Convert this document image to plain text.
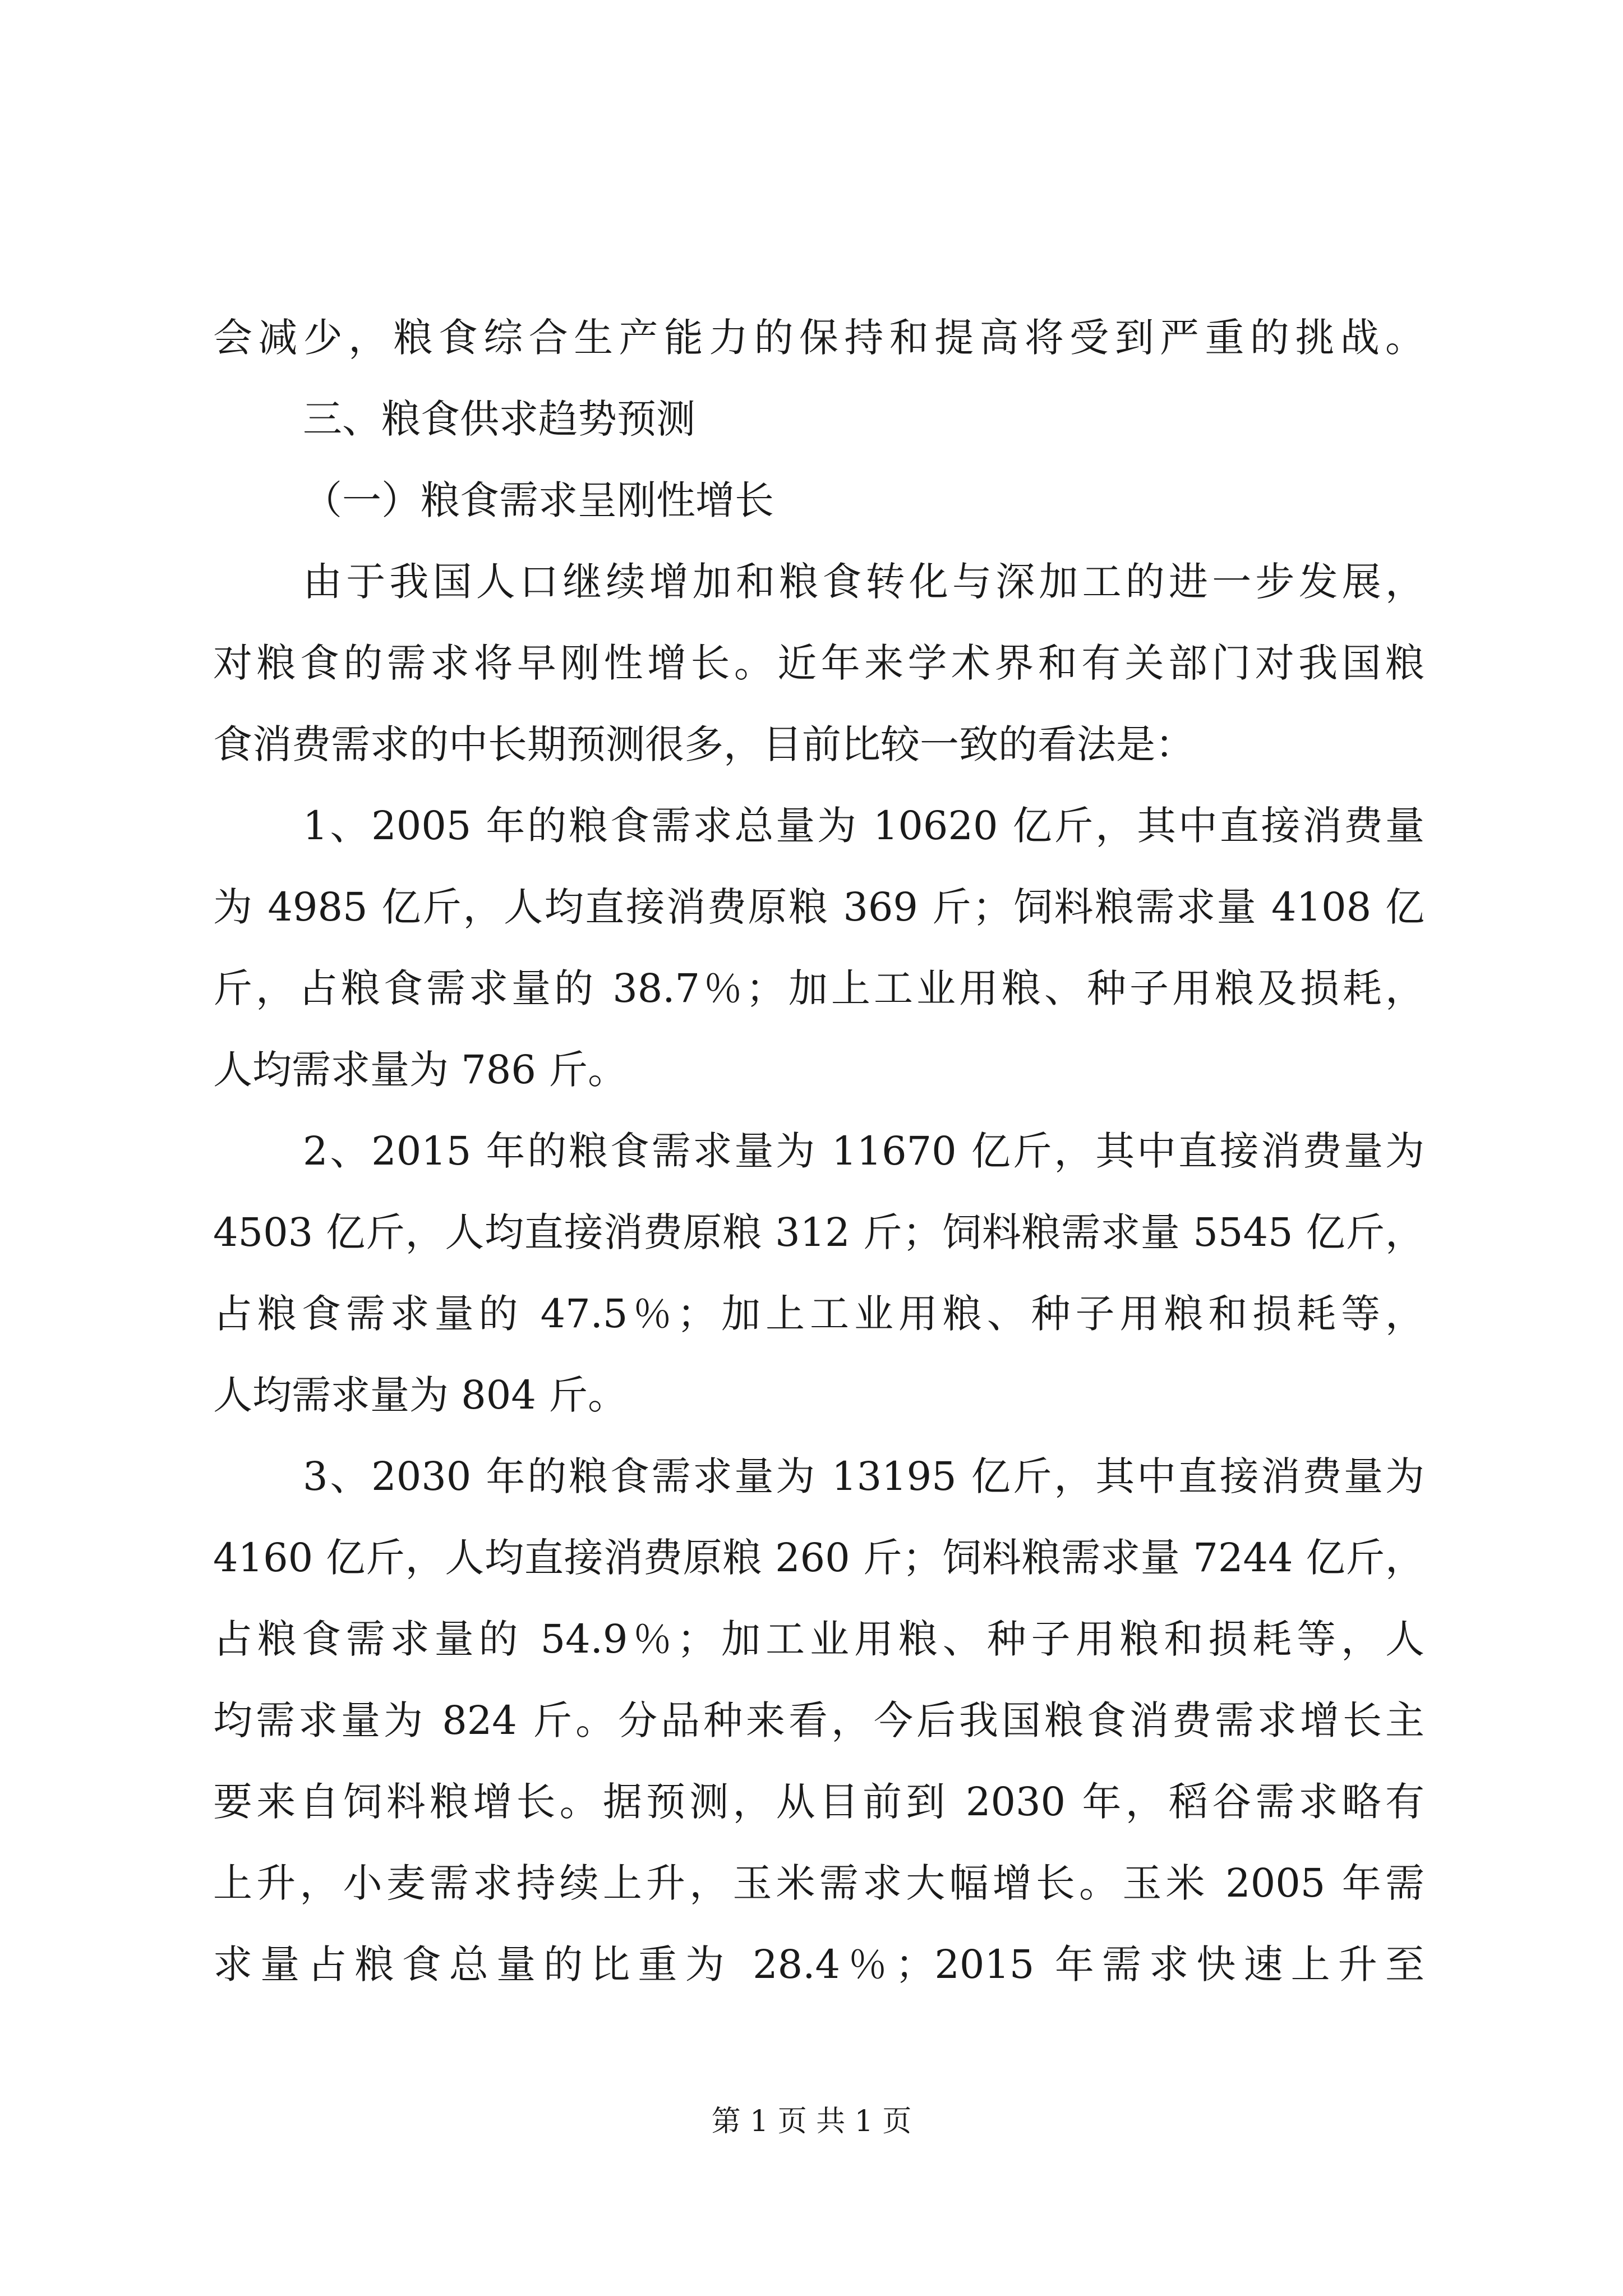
会减少，粮食综合生产能力的保持和提高将受到严重的挑战。
三、粮食供求趋势预测
（一）粮食需求呈刚性增长
由于我国人口继续增加和粮食转化与深加工的进一步发展，
对粮食的需求将早刚性增长。近年来学术界和有关部门对我国粮
食消费需求的中长期预测很多，目前比较一致的看法是：
1、2005 年的粮食需求总量为 10620 亿斤，其中直接消费量
为 4985 亿斤，人均直接消费原粮 369 斤；饲料粮需求量 4108 亿
斤，占粮食需求量的 38.7％；加上工业用粮、种子用粮及损耗，
人均需求量为 786 斤。
2、2015 年的粮食需求量为 11670 亿斤，其中直接消费量为
4503 亿斤，人均直接消费原粮 312 斤；饲料粮需求量 5545 亿斤，
占粮食需求量的 47.5％；加上工业用粮、种子用粮和损耗等，
人均需求量为 804 斤。
3、2030 年的粮食需求量为 13195 亿斤，其中直接消费量为
4160 亿斤，人均直接消费原粮 260 斤；饲料粮需求量 7244 亿斤，
占粮食需求量的 54.9％；加工业用粮、种子用粮和损耗等，人
均需求量为 824 斤。分品种来看，今后我国粮食消费需求增长主
要来自饲料粮增长。据预测，从目前到 2030 年，稻谷需求略有
上升，小麦需求持续上升，玉米需求大幅增长。玉米 2005 年需
求量占粮食总量的比重为 28.4％；2015 年需求快速上升至
第 1 页 共 1 页
